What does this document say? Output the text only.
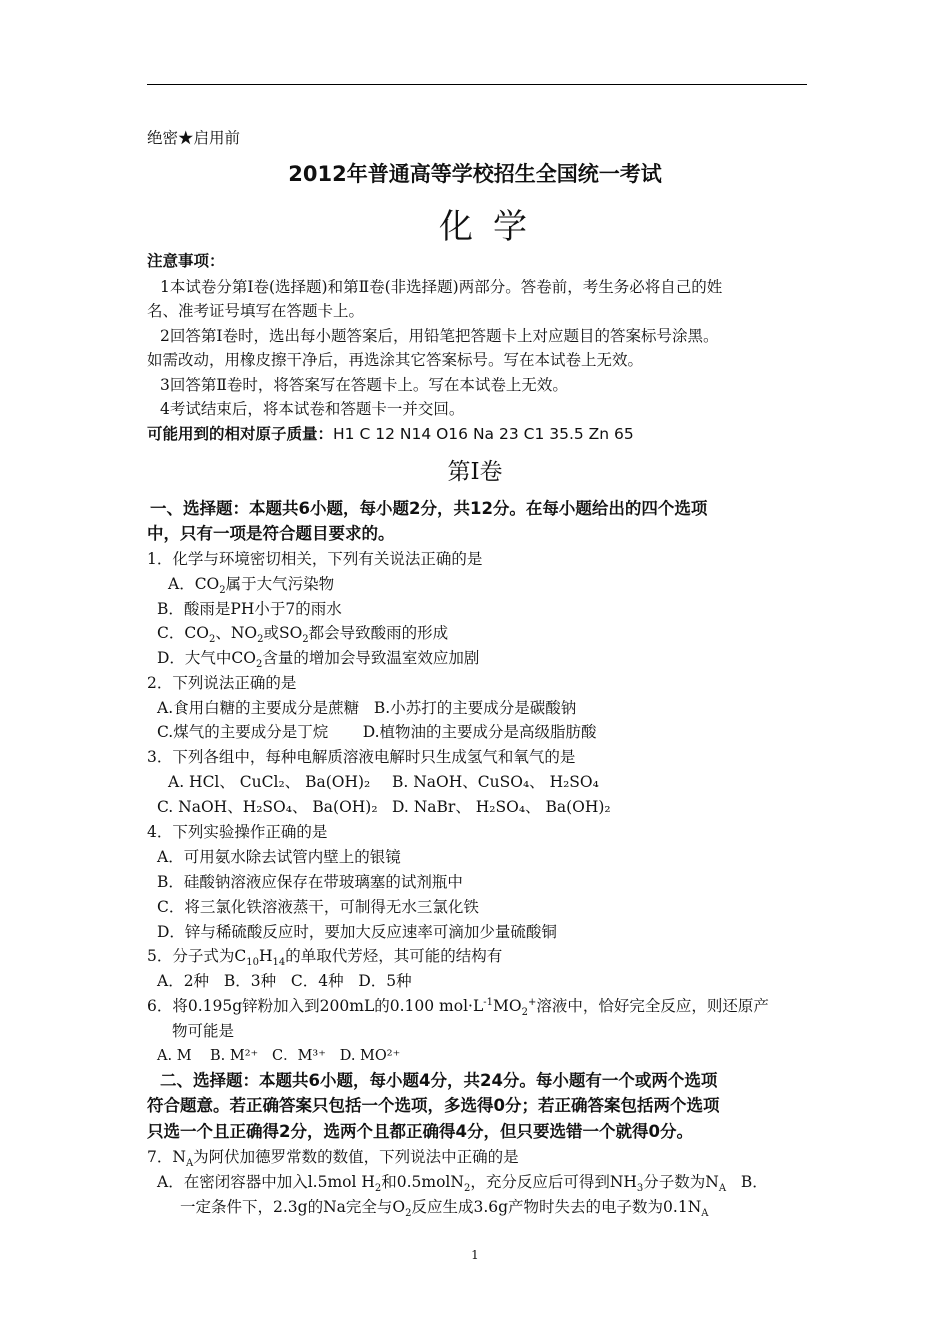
绝密★启用前
2012年普通高等学校招生全国统一考试
化学
注意事项：
1本试卷分第Ⅰ卷(选择题)和第Ⅱ卷(非选择题)两部分。答卷前，考生务必将自己的姓
名、准考证号填写在答题卡上。
2回答第Ⅰ卷时，选出每小题答案后，用铅笔把答题卡上对应题目的答案标号涂黑。
如需改动，用橡皮擦干净后，再选涂其它答案标号。写在本试卷上无效。
3回答第Ⅱ卷时，将答案写在答题卡上。写在本试卷上无效。
4考试结束后，将本试卷和答题卡一并交回。
可能用到的相对原子质量：H1 C 12 N14 O16 Na 23 C1 35.5 Zn 65
第Ⅰ卷
一、选择题：本题共6小题，每小题2分，共12分。在每小题给出的四个选项
中，只有一项是符合题目要求的。
1．化学与环境密切相关，下列有关说法正确的是
A．$CO_2$属于大气污染物
B．酸雨是PH小于7的雨水
C．$CO_2$、$NO_2$或$SO_2$都会导致酸雨的形成
D．大气中$CO_2$含量的增加会导致温室效应加剧
2．下列说法正确的是
A.食用白糖的主要成分是蔗糖   B.小苏打的主要成分是碳酸钠
C.煤气的主要成分是丁烷       D.植物油的主要成分是高级脂肪酸
3．下列各组中，每种电解质溶液电解时只生成氢气和氧气的是
A. HCl、 CuCl₂、 Ba(OH)₂ B. NaOH、CuSO₄、 H₂SO₄
C. NaOH、H₂SO₄、 Ba(OH)₂ D. NaBr、 H₂SO₄、 Ba(OH)₂
4．下列实验操作正确的是
A．可用氨水除去试管内壁上的银镜
B．硅酸钠溶液应保存在带玻璃塞的试剂瓶中
C．将三氯化铁溶液蒸干，可制得无水三氯化铁
D．锌与稀硫酸反应时，要加大反应速率可滴加少量硫酸铜
5．分子式为$C_{10}H_{14}$的单取代芳烃，其可能的结构有
A．2种   B．3种   C．4种   D．5种
6．将0.195g锌粉加入到200mL的0.100 $mol\cdot L^{-1}MO_2^+$溶液中，恰好完全反应，则还原产
物可能是
A. M    B. M²⁺   C．M³⁺   D. MO²⁺
二、选择题：本题共6小题，每小题4分，共24分。每小题有一个或两个选项
符合题意。若正确答案只包括一个选项，多选得0分；若正确答案包括两个选项
只选一个且正确得2分，选两个且都正确得4分，但只要选错一个就得0分。
7．$N_A$为阿伏加德罗常数的数值，下列说法中正确的是
A．在密闭容器中加入l.5mol $H_2$和0.5molN$_2$，充分反应后可得到$NH_3$分子数为$N_A$   B．
一定条件下，2.3g的Na完全与$O_2$反应生成3.6g产物时失去的电子数为$0.1N_A$
1
